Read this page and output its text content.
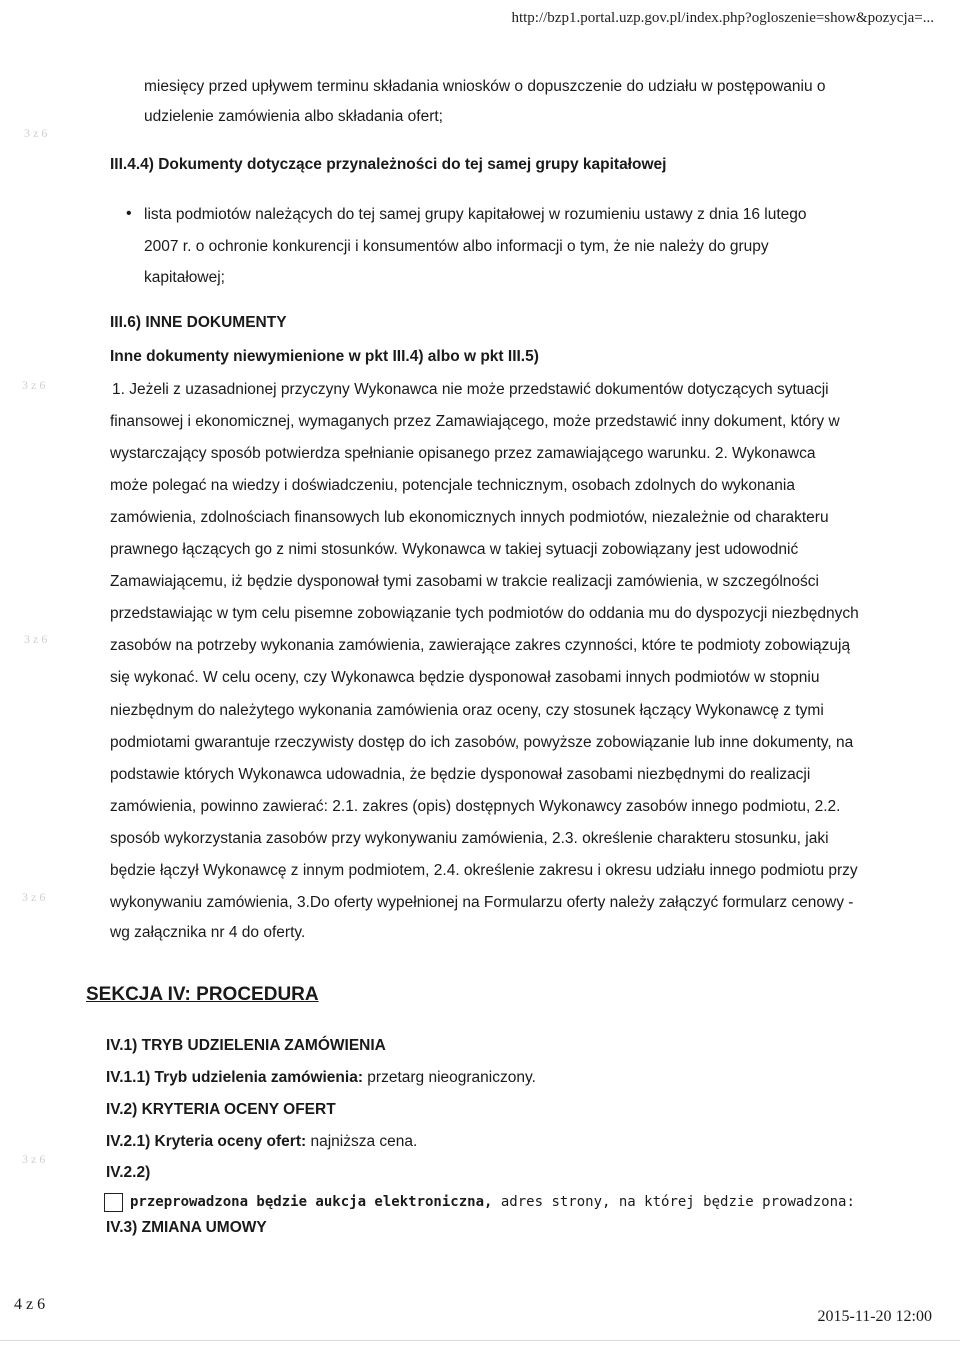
http://bzp1.portal.uzp.gov.pl/index.php?ogloszenie=show&pozycja=...
3 z 6
3 z 6
3 z 6
3 z 6
3 z 6
miesięcy przed upływem terminu składania wniosków o dopuszczenie do udziału w postępowaniu o
udzielenie zamówienia albo składania ofert;
III.4.4) Dokumenty dotyczące przynależności do tej samej grupy kapitałowej
• lista podmiotów należących do tej samej grupy kapitałowej w rozumieniu ustawy z dnia 16 lutego
2007 r. o ochronie konkurencji i konsumentów albo informacji o tym, że nie należy do grupy
kapitałowej;
III.6) INNE DOKUMENTY
Inne dokumenty niewymienione w pkt III.4) albo w pkt III.5)
1. Jeżeli z uzasadnionej przyczyny Wykonawca nie może przedstawić dokumentów dotyczących sytuacji
finansowej i ekonomicznej, wymaganych przez Zamawiającego, może przedstawić inny dokument, który w
wystarczający sposób potwierdza spełnianie opisanego przez zamawiającego warunku. 2. Wykonawca
może polegać na wiedzy i doświadczeniu, potencjale technicznym, osobach zdolnych do wykonania
zamówienia, zdolnościach finansowych lub ekonomicznych innych podmiotów, niezależnie od charakteru
prawnego łączących go z nimi stosunków. Wykonawca w takiej sytuacji zobowiązany jest udowodnić
Zamawiającemu, iż będzie dysponował tymi zasobami w trakcie realizacji zamówienia, w szczególności
przedstawiając w tym celu pisemne zobowiązanie tych podmiotów do oddania mu do dyspozycji niezbędnych
zasobów na potrzeby wykonania zamówienia, zawierające zakres czynności, które te podmioty zobowiązują
się wykonać. W celu oceny, czy Wykonawca będzie dysponował zasobami innych podmiotów w stopniu
niezbędnym do należytego wykonania zamówienia oraz oceny, czy stosunek łączący Wykonawcę z tymi
podmiotami gwarantuje rzeczywisty dostęp do ich zasobów, powyższe zobowiązanie lub inne dokumenty, na
podstawie których Wykonawca udowadnia, że będzie dysponował zasobami niezbędnymi do realizacji
zamówienia, powinno zawierać: 2.1. zakres (opis) dostępnych Wykonawcy zasobów innego podmiotu, 2.2.
sposób wykorzystania zasobów przy wykonywaniu zamówienia, 2.3. określenie charakteru stosunku, jaki
będzie łączył Wykonawcę z innym podmiotem, 2.4. określenie zakresu i okresu udziału innego podmiotu przy
wykonywaniu zamówienia, 3.Do oferty wypełnionej na Formularzu oferty należy załączyć formularz cenowy -
wg załącznika nr 4 do oferty.
SEKCJA IV: PROCEDURA
IV.1) TRYB UDZIELENIA ZAMÓWIENIA
IV.1.1) Tryb udzielenia zamówienia: przetarg nieograniczony.
IV.2) KRYTERIA OCENY OFERT
IV.2.1) Kryteria oceny ofert: najniższa cena.
IV.2.2)
przeprowadzona będzie aukcja elektroniczna, adres strony, na której będzie prowadzona:
IV.3) ZMIANA UMOWY
4 z 6
2015-11-20 12:00
